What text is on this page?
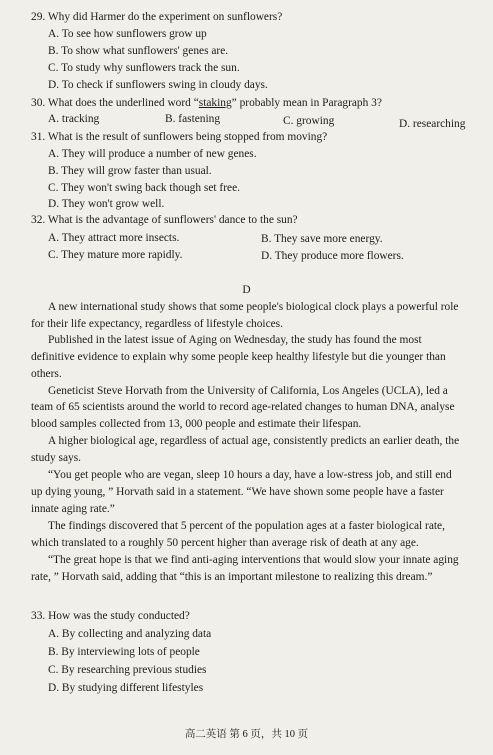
29. Why did Harmer do the experiment on sunflowers?
A. To see how sunflowers grow up
B. To show what sunflowers' genes are.
C. To study why sunflowers track the sun.
D. To check if sunflowers swing in cloudy days.
30. What does the underlined word “staking” probably mean in Paragraph 3?
A. tracking	B. fastening	C. growing	D. researching
31. What is the result of sunflowers being stopped from moving?
A. They will produce a number of new genes.
B. They will grow faster than usual.
C. They won't swing back though set free.
D. They won't grow well.
32. What is the advantage of sunflowers' dance to the sun?
A. They attract more insects.	B. They save more energy.
C. They mature more rapidly.	D. They produce more flowers.
D
A new international study shows that some people's biological clock plays a powerful role
for their life expectancy, regardless of lifestyle choices.
Published in the latest issue of Aging on Wednesday, the study has found the most
definitive evidence to explain why some people keep healthy lifestyle but die younger than
others.
Geneticist Steve Horvath from the University of California, Los Angeles (UCLA), led a
team of 65 scientists around the world to record age-related changes to human DNA, analyse
blood samples collected from 13, 000 people and estimate their lifespan.
A higher biological age, regardless of actual age, consistently predicts an earlier death, the
study says.
“You get people who are vegan, sleep 10 hours a day, have a low-stress job, and still end
up dying young, ” Horvath said in a statement. “We have shown some people have a faster
innate aging rate.”
The findings discovered that 5 percent of the population ages at a faster biological rate,
which translated to a roughly 50 percent higher than average risk of death at any age.
“The great hope is that we find anti-aging interventions that would slow your innate aging
rate, ” Horvath said, adding that “this is an important milestone to realizing this dream.”
33. How was the study conducted?
A. By collecting and analyzing data
B. By interviewing lots of people
C. By researching previous studies
D. By studying different lifestyles
高二英语 第 6 页，共 10 页
